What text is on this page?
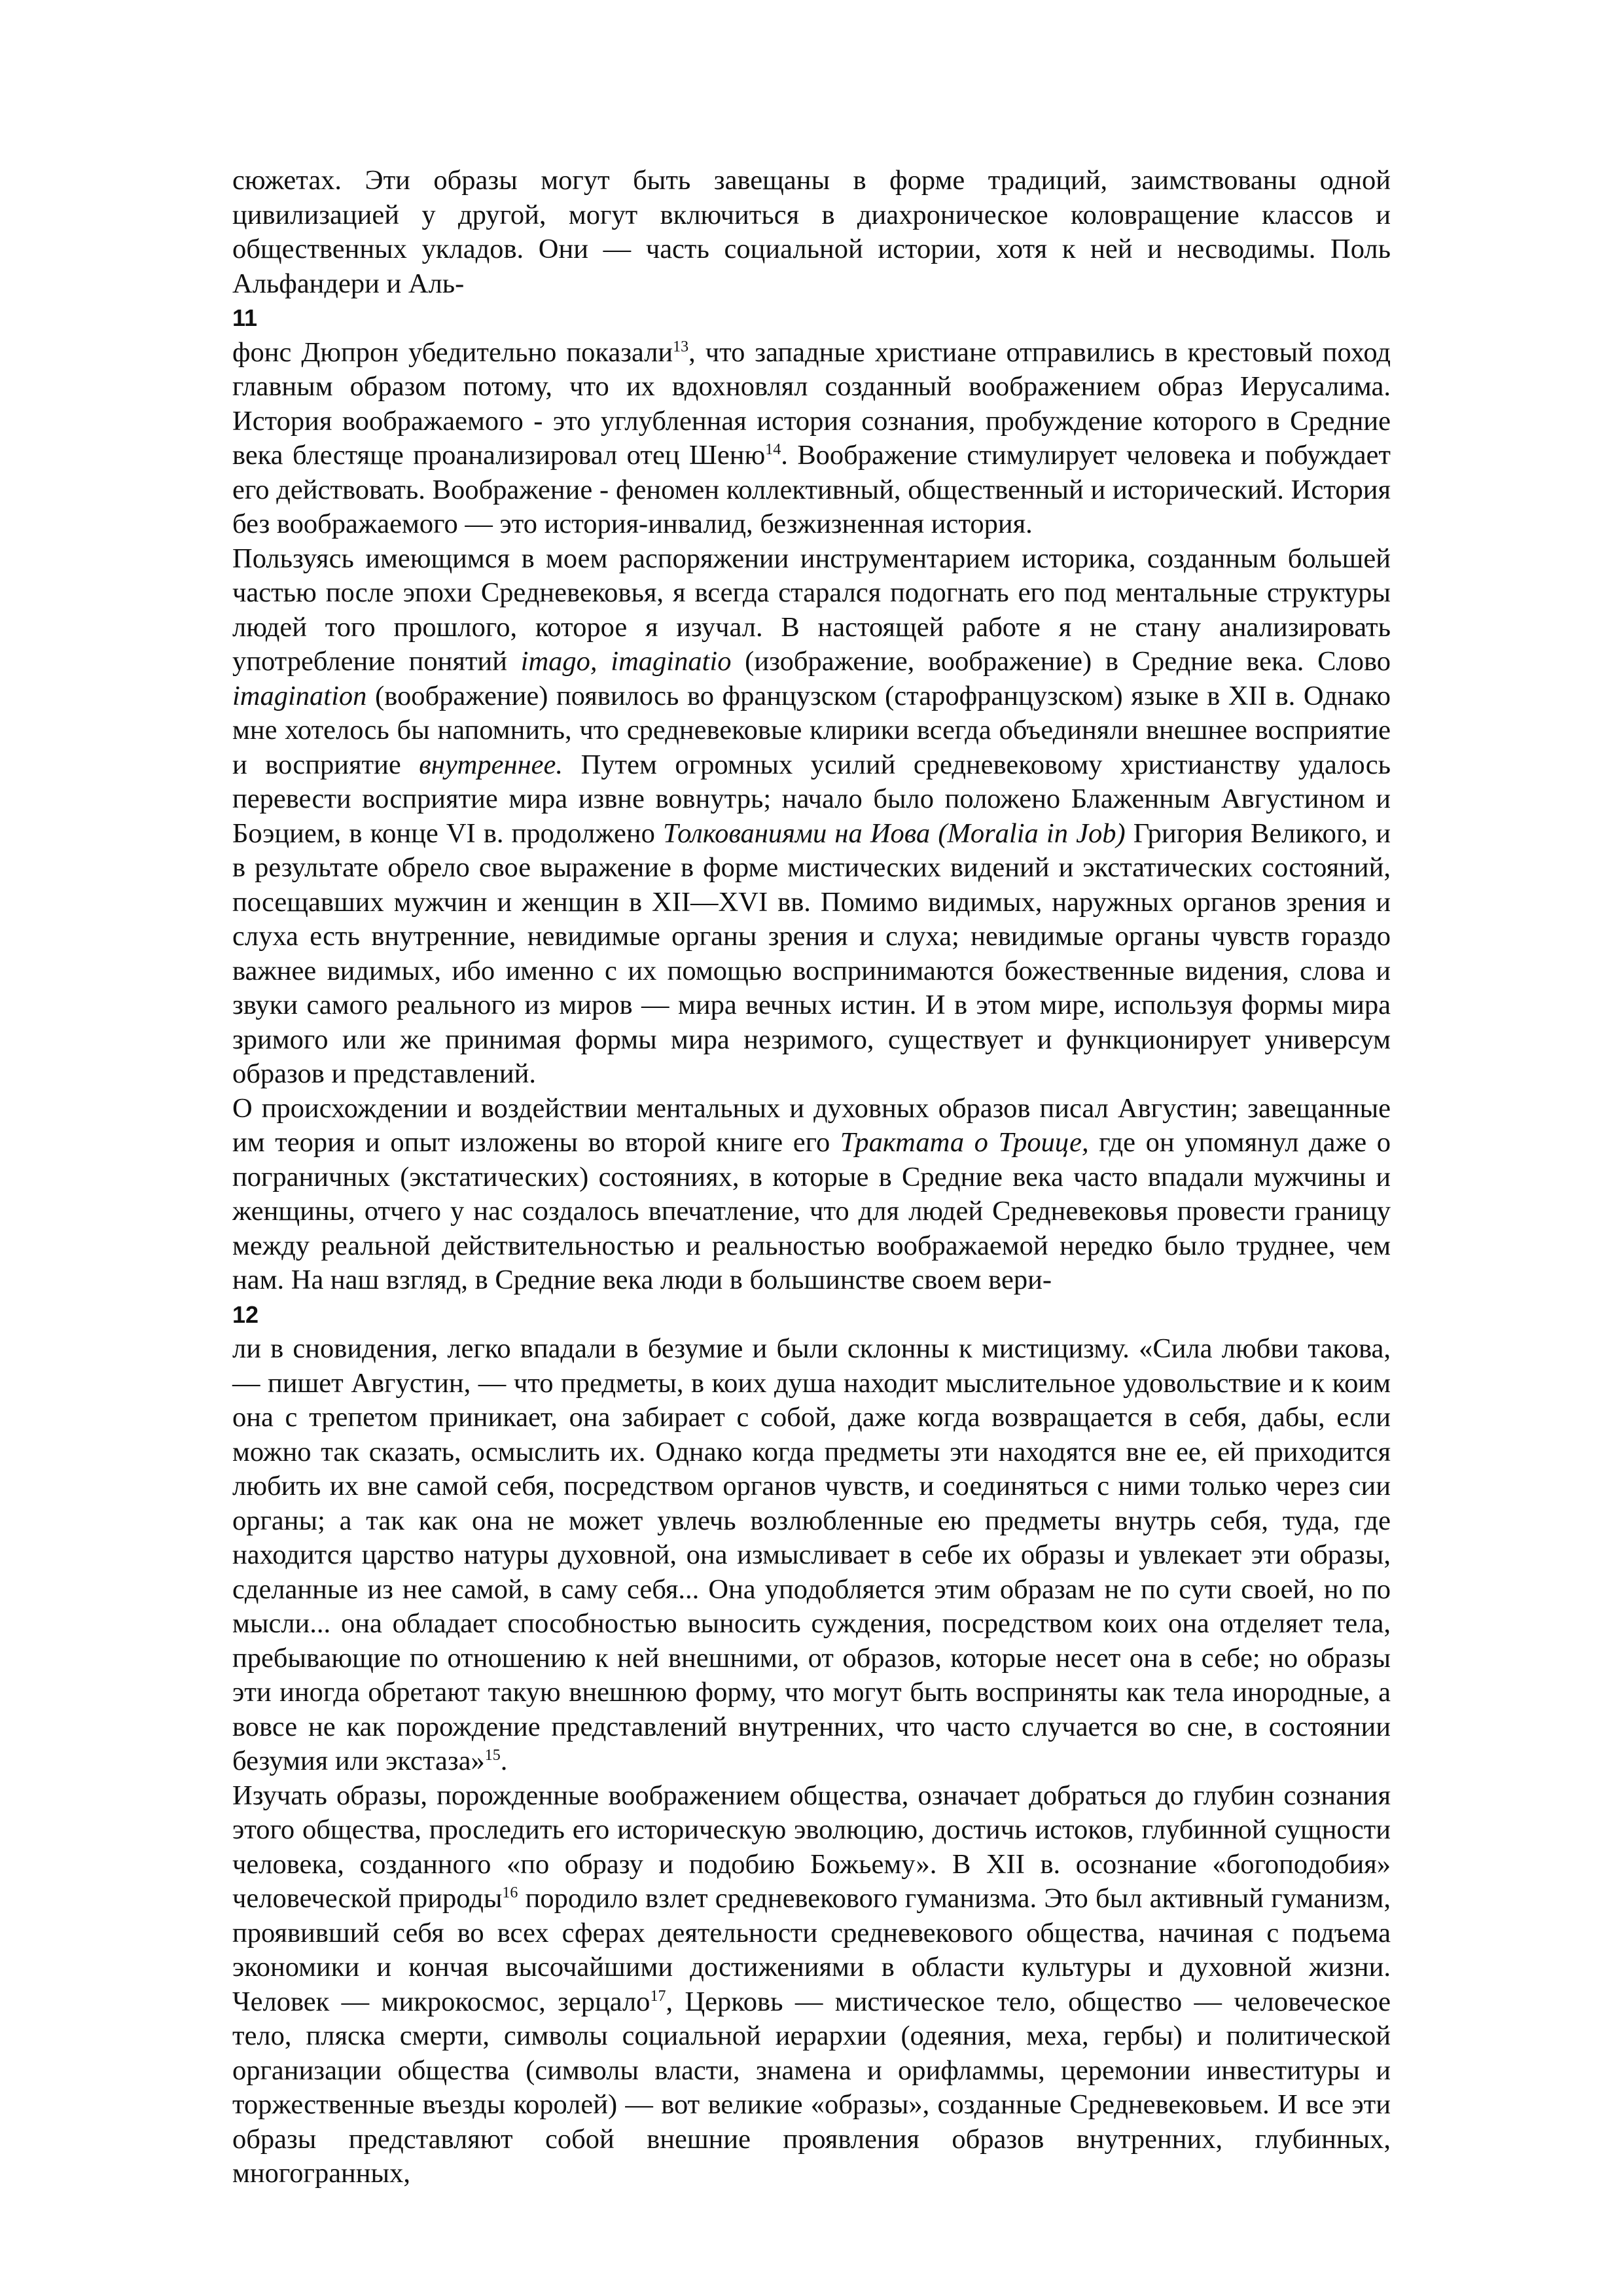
сюжетах. Эти образы могут быть завещаны в форме традиций, заимствованы одной цивилизацией у другой, могут включиться в диахроническое коловращение классов и общественных укладов. Они — часть социальной истории, хотя к ней и несводимы. Поль Альфандери и Аль-

11

фонс Дюпрон убедительно показали$^{13}$, что западные христиане отправились в крестовый поход главным образом потому, что их вдохновлял созданный воображением образ Иерусалима. История воображаемого - это углубленная история сознания, пробуждение которого в Средние века блестяще проанализировал отец Шеню$^{14}$. Воображение стимулирует человека и побуждает его действовать. Воображение - феномен коллективный, общественный и исторический. История без воображаемого — это история-инвалид, безжизненная история.

Пользуясь имеющимся в моем распоряжении инструментарием историка, созданным большей частью после эпохи Средневековья, я всегда старался подогнать его под ментальные структуры людей того прошлого, которое я изучал. В настоящей работе я не стану анализировать употребление понятий imago, imaginatio (изображение, вообрaжение) в Средние века. Слово imagination (воображение) появилось во французском (старофранцузском) языке в XII в. Однако мне хотелось бы напомнить, что средневековые клирики всегда объединяли внешнее восприятие и восприятие внутреннее. Путем огромных усилий средневековому христианству удалось перевести восприятие мира извне вовнутрь; начало было положено Блаженным Августином и Боэцием, в конце VI в. продолжено Толкованиями на Иова (Moralia in Job) Григория Великого, и в результате обрело свое выражение в форме мистических видений и экстатических состояний, посещавших мужчин и женщин в XII—XVI вв. Помимо видимых, наружных органов зрения и слуха есть внутренние, невидимые органы зрения и слуха; невидимые органы чувств гораздо важнее видимых, ибо именно с их помощью воспринимаются божественные видения, слова и звуки самого реального из миров — мира вечных истин. И в этом мире, используя формы мира зримого или же принимая формы мира незримого, существует и функционирует универсум образов и представлений.

О происхождении и воздействии ментальных и духовных образов писал Августин; завещанные им теория и опыт изложены во второй книге его Трактата о Троице, где он упомянул даже о пограничных (экстатических) состояниях, в которые в Средние века часто впадали мужчины и женщины, отчего у нас создалось впечатление, что для людей Средневековья провести границу между реальной действительностью и реальностью воображаемой нередко было труднее, чем нам. На наш взгляд, в Средние века люди в большинстве своем вери-

12

ли в сновидения, легко впадали в безумие и были склонны к мистицизму. «Сила любви такова, — пишет Августин, — что предметы, в коих душа находит мыслительное удовольствие и к коим она с трепетом приникает, она забирает с собой, даже когда возвращается в себя, дабы, если можно так сказать, осмыслить их. Однако когда предметы эти находятся вне ее, ей приходится любить их вне самой себя, посредством органов чувств, и соединяться с ними только через сии органы; а так как она не может увлечь возлюбленные ею предметы внутрь себя, туда, где находится царство натуры духовной, она измысливает в себе их образы и увлекает эти образы, сделанные из нее самой, в саму себя... Она уподобляется этим образам не по сути своей, но по мысли... она обладает способностью выносить суждения, посредством коих она отделяет тела, пребывающие по отношению к ней внешними, от образов, которые несет она в себе; но образы эти иногда обретают такую внешнюю форму, что могут быть восприняты как тела инородные, а вовсе не как порождение представлений внутренних, что часто случается во сне, в состоянии безумия или экстаза»$^{15}$.

Изучать образы, порожденные воображением общества, означает добраться до глубин сознания этого общества, проследить его историческую эволюцию, достичь истоков, глубинной сущности человека, созданного «по образу и подобию Божьему». В XII в. осознание «богоподобия» человеческой природы$^{16}$ породило взлет средневекового гуманизма. Это был активный гуманизм, проявивший себя во всех сферах деятельности средневекового общества, начиная с подъема экономики и кончая высочайшими достижениями в области культуры и духовной жизни. Человек — микрокосмос, зерцало$^{17}$, Церковь — мистическое тело, общество — человеческое тело, пляска смерти, символы социальной иерархии (одеяния, меха, гербы) и политической организации общества (символы власти, знамена и орифламмы, церемонии инвеституры и торжественные въезды королей) — вот великие «образы», созданные Средневековьем. И все эти образы представляют собой внешние проявления образов внутренних, глубинных, многогранных,
